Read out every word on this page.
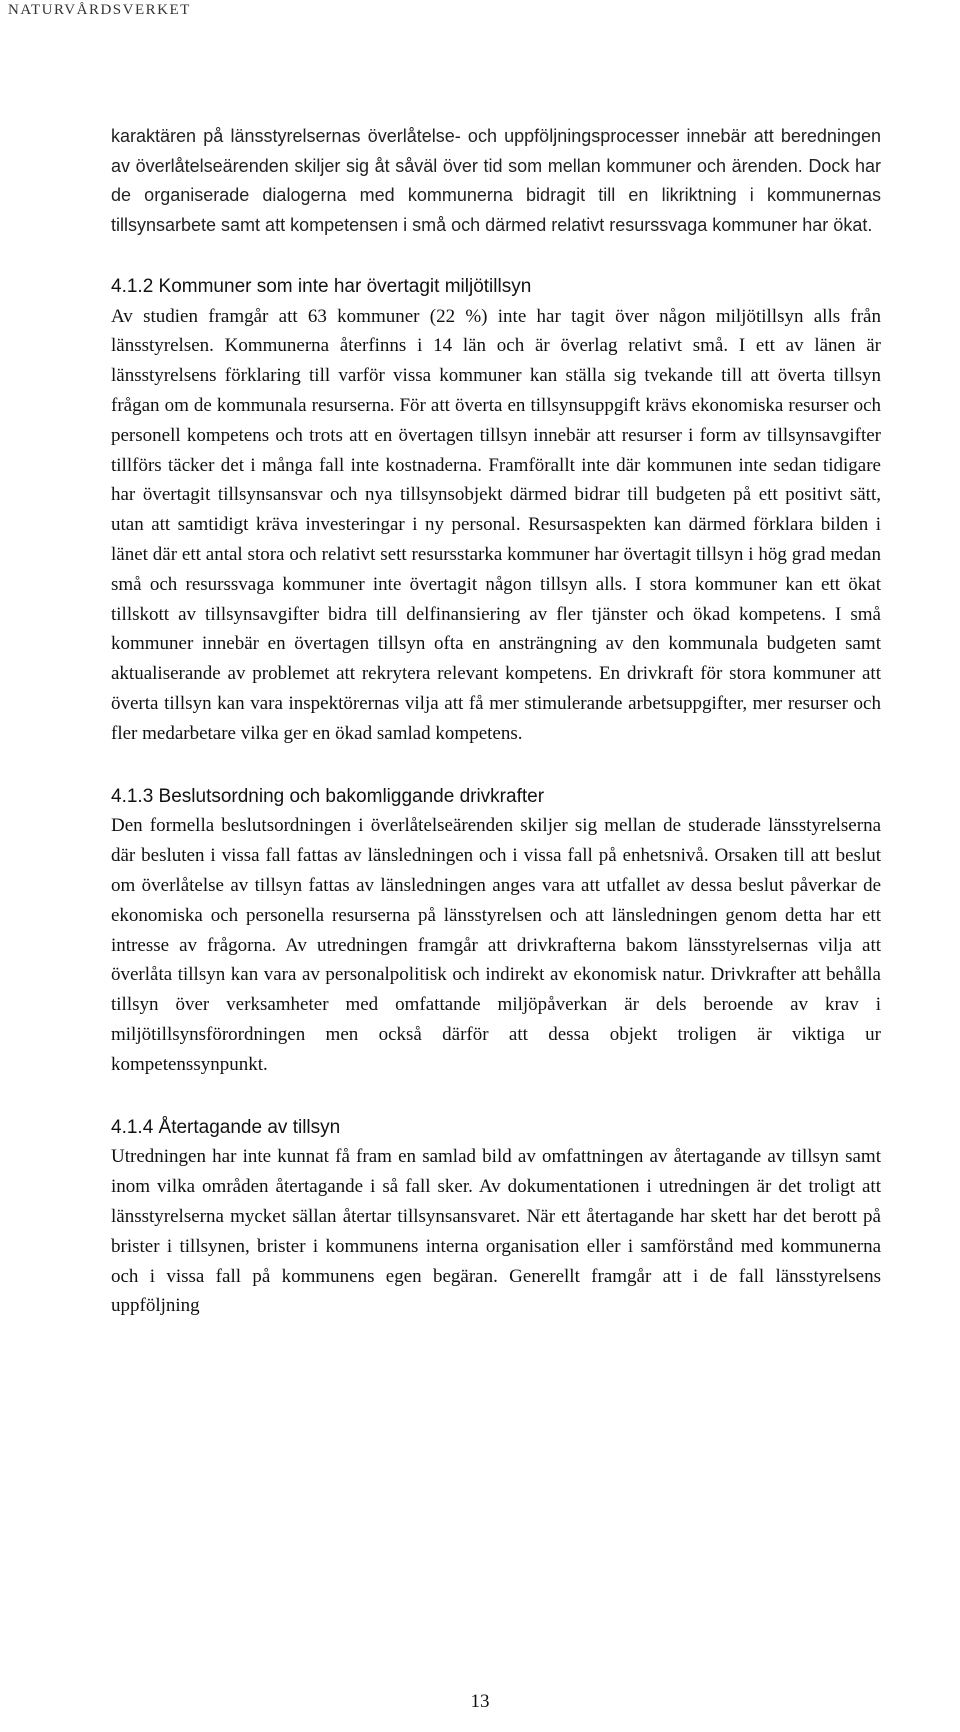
NATURVÅRDSVERKET

karaktären på länsstyrelsernas överlåtelse- och uppföljningsprocesser innebär att beredningen av överlåtelseärenden skiljer sig åt såväl över tid som mellan kommuner och ärenden. Dock har de organiserade dialogerna med kommunerna bidragit till en likriktning i kommunernas tillsynsarbete samt att kompetensen i små och därmed relativt resurssvaga kommuner har ökat.

4.1.2 Kommuner som inte har övertagit miljötillsyn

Av studien framgår att 63 kommuner (22 %) inte har tagit över någon miljötillsyn alls från länsstyrelsen. Kommunerna återfinns i 14 län och är överlag relativt små. I ett av länen är länsstyrelsens förklaring till varför vissa kommuner kan ställa sig tvekande till att överta tillsyn frågan om de kommunala resurserna. För att överta en tillsynsuppgift krävs ekonomiska resurser och personell kompetens och trots att en övertagen tillsyn innebär att resurser i form av tillsynsavgifter tillförs täcker det i många fall inte kostnaderna. Framförallt inte där kommunen inte sedan tidigare har övertagit tillsynsansvar och nya tillsynsobjekt därmed bidrar till budgeten på ett positivt sätt, utan att samtidigt kräva investeringar i ny personal. Resursaspekten kan därmed förklara bilden i länet där ett antal stora och relativt sett resursstarka kommuner har övertagit tillsyn i hög grad medan små och resurssvaga kommuner inte övertagit någon tillsyn alls. I stora kommuner kan ett ökat tillskott av tillsynsavgifter bidra till delfinansiering av fler tjänster och ökad kompetens. I små kommuner innebär en övertagen tillsyn ofta en ansträngning av den kommunala budgeten samt aktualiserande av problemet att rekrytera relevant kompetens. En drivkraft för stora kommuner att överta tillsyn kan vara inspektörernas vilja att få mer stimulerande arbetsuppgifter, mer resurser och fler medarbetare vilka ger en ökad samlad kompetens.

4.1.3 Beslutsordning och bakomliggande drivkrafter

Den formella beslutsordningen i överlåtelseärenden skiljer sig mellan de studerade länsstyrelserna där besluten i vissa fall fattas av länsledningen och i vissa fall på enhetsnivå. Orsaken till att beslut om överlåtelse av tillsyn fattas av länsledningen anges vara att utfallet av dessa beslut påverkar de ekonomiska och personella resurserna på länsstyrelsen och att länsledningen genom detta har ett intresse av frågorna. Av utredningen framgår att drivkrafterna bakom länsstyrelsernas vilja att överlåta tillsyn kan vara av personalpolitisk och indirekt av ekonomisk natur. Drivkrafter att behålla tillsyn över verksamheter med omfattande miljöpåverkan är dels beroende av krav i miljötillsynsförordningen men också därför att dessa objekt troligen är viktiga ur kompetenssynpunkt.

4.1.4 Återtagande av tillsyn

Utredningen har inte kunnat få fram en samlad bild av omfattningen av återtagande av tillsyn samt inom vilka områden återtagande i så fall sker. Av dokumentationen i utredningen är det troligt att länsstyrelserna mycket sällan återtar tillsynsansvaret. När ett återtagande har skett har det berott på brister i tillsynen, brister i kommunens interna organisation eller i samförstånd med kommunerna och i vissa fall på kommunens egen begäran. Generellt framgår att i de fall länsstyrelsens uppföljning

13
